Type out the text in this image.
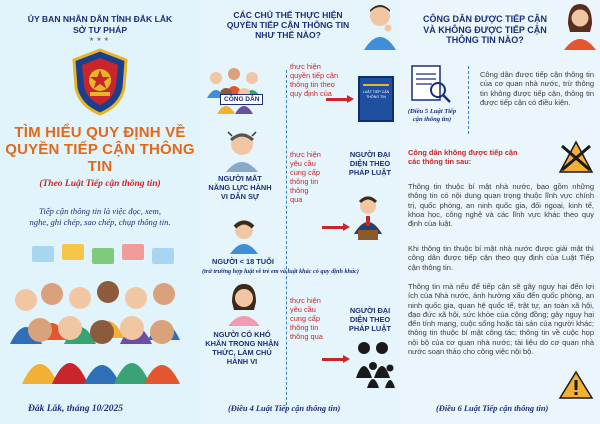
ỦY BAN NHÂN DÂN TỈNH ĐẮK LẮK
SỞ TƯ PHÁP
★★★
TÌM HIỂU QUY ĐỊNH VỀ
QUYỀN TIẾP CẬN THÔNG TIN
(Theo Luật Tiếp cận thông tin)
Tiếp cận thông tin là việc đọc, xem,
nghe, ghi chép, sao chép, chụp thông tin.
Đắk Lắk, tháng 10/2025
CÁC CHỦ THỂ THỰC HIỆN
QUYỀN TIẾP CẬN THÔNG TIN
NHƯ THẾ NÀO?
CÔNG DÂN
thực hiện
quyền tiếp cận
thông tin theo
quy định của	LUẬT TIẾP CẬN THÔNG TIN
NGƯỜI MẤT
NĂNG LỰC HÀNH
VI DÂN SỰ
thực hiện
yêu cầu
cung cấp
thông tin
thông
qua
NGƯỜI ĐẠI
DIỆN THEO
PHÁP LUẬT
NGƯỜI < 18 TUỔI
(trừ trường hợp luật về trẻ em và luật khác có quy định khác)
NGƯỜI CÓ KHÓ
KHĂN TRONG NHẬN
THỨC, LÀM CHỦ
HÀNH VI
thực hiện
yêu cầu
cung cấp
thông tin
thông qua
NGƯỜI ĐẠI
DIỆN THEO
PHÁP LUẬT
(Điều 4 Luật Tiếp cận thông tin)
CÔNG DÂN ĐƯỢC TIẾP CẬN
VÀ KHÔNG ĐƯỢC TIẾP CẬN
THÔNG TIN NÀO?
(Điều 5 Luật Tiếp
cận thông tin)
Công dân được tiếp cận thông tin của cơ quan nhà nước, trừ thông tin không được tiếp cận, thông tin được tiếp cận có điều kiện.
Công dân không được tiếp cận
các thông tin sau:
Thông tin thuộc bí mật nhà nước, bao gồm những thông tin có nội dung quan trọng thuộc lĩnh vực chính trị, quốc phòng, an ninh quốc gia, đối ngoại, kinh tế, khoa học, công nghệ và các lĩnh vực khác theo quy định của luật.
Khi thông tin thuộc bí mật nhà nước được giải mật thì công dân được tiếp cận theo quy định của Luật Tiếp cận thông tin.
Thông tin mà nếu để tiếp cận sẽ gây nguy hại đến lợi ích của Nhà nước, ảnh hưởng xấu đến quốc phòng, an ninh quốc gia, quan hệ quốc tế, trật tự, an toàn xã hội, đạo đức xã hội, sức khỏe của cộng đồng; gây nguy hại đến tính mạng, cuộc sống hoặc tài sản của người khác; thông tin thuộc bí mật công tác; thông tin về cuộc họp nội bộ của cơ quan nhà nước; tài liệu do cơ quan nhà nước soạn thảo cho công việc nội bộ.
(Điều 6 Luật Tiếp cận thông tin)
